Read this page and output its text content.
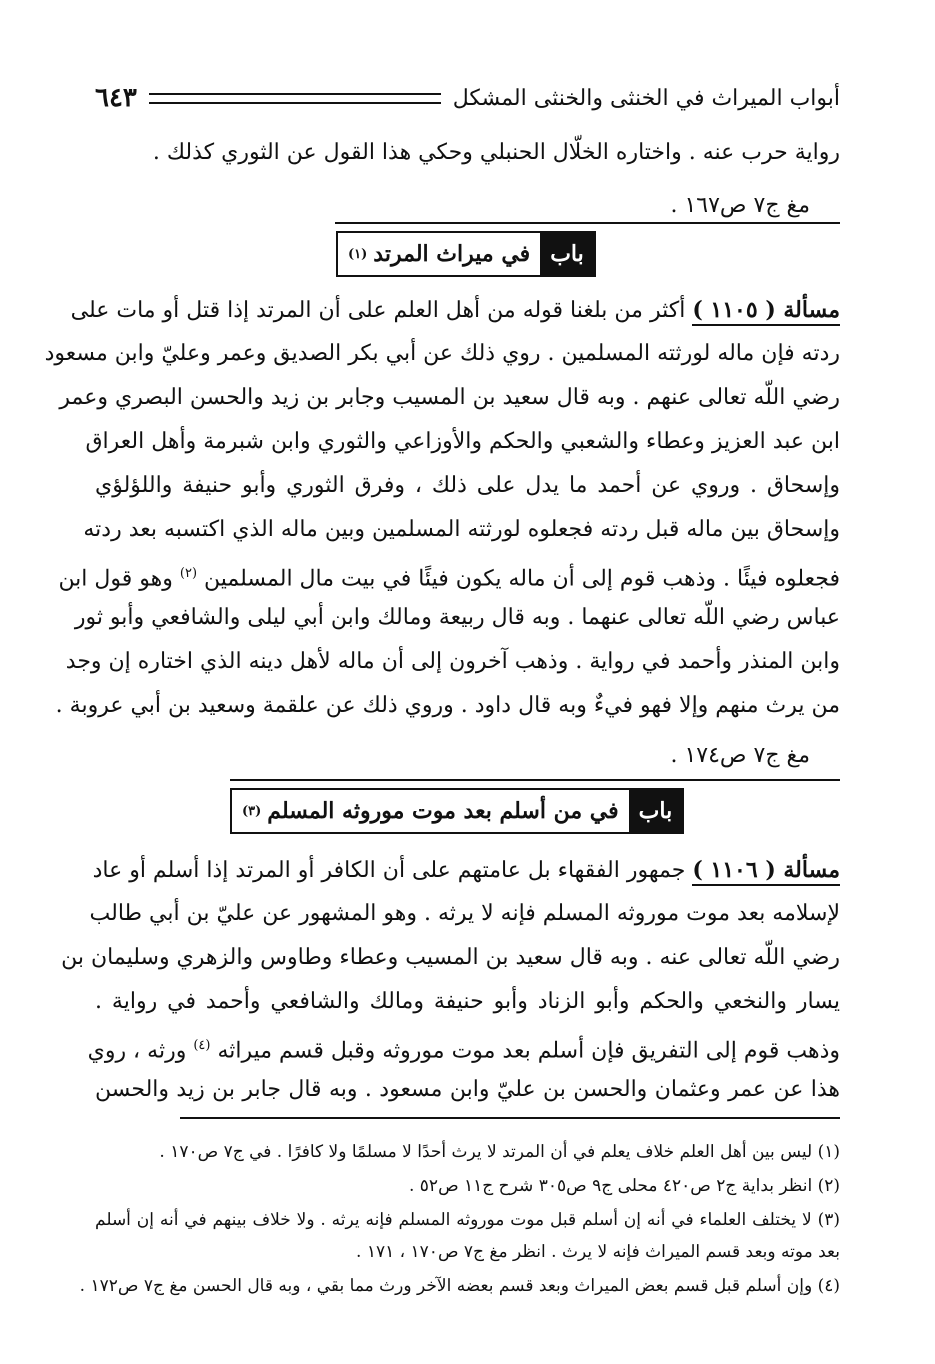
أبواب الميراث في الخنثى والخنثى المشكل
٦٤٣
رواية حرب عنه . واختاره الخلّال الحنبلي وحكي هذا القول عن الثوري كذلك .
مغ ج٧ ص١٦٧ .
باب
في ميراث المرتد
(١)
مسألة ( ١١٠٥ ) أكثر من بلغنا قوله من أهل العلم على أن المرتد إذا قتل أو مات على
ردته فإن ماله لورثته المسلمين . روي ذلك عن أبي بكر الصديق وعمر وعليّ وابن مسعود
رضي اللّه تعالى عنهم . وبه قال سعيد بن المسيب وجابر بن زيد والحسن البصري وعمر
ابن عبد العزيز وعطاء والشعبي والحكم والأوزاعي والثوري وابن شبرمة وأهل العراق
وإسحاق . وروي عن أحمد ما يدل على ذلك ، وفرق الثوري وأبو حنيفة واللؤلؤي
وإسحاق بين ماله قبل ردته فجعلوه لورثته المسلمين وبين ماله الذي اكتسبه بعد ردته
فجعلوه فيئًا . وذهب قوم إلى أن ماله يكون فيئًا في بيت مال المسلمين $^{(٢)}$ وهو قول ابن
عباس رضي اللّه تعالى عنهما . وبه قال ربيعة ومالك وابن أبي ليلى والشافعي وأبو ثور
وابن المنذر وأحمد في رواية . وذهب آخرون إلى أن ماله لأهل دينه الذي اختاره إن وجد
من يرث منهم وإلا فهو فيءٌ وبه قال داود . وروي ذلك عن علقمة وسعيد بن أبي عروبة .
مغ ج٧ ص١٧٤ .
باب
في من أسلم بعد موت موروثه المسلم
(٣)
مسألة ( ١١٠٦ ) جمهور الفقهاء بل عامتهم على أن الكافر أو المرتد إذا أسلم أو عاد
لإسلامه بعد موت موروثه المسلم فإنه لا يرثه . وهو المشهور عن عليّ بن أبي طالب
رضي اللّه تعالى عنه . وبه قال سعيد بن المسيب وعطاء وطاوس والزهري وسليمان بن
يسار والنخعي والحكم وأبو الزناد وأبو حنيفة ومالك والشافعي وأحمد في رواية .
وذهب قوم إلى التفريق فإن أسلم بعد موت موروثه وقبل قسم ميراثه $^{(٤)}$ ورثه ، روي
هذا عن عمر وعثمان والحسن بن عليّ وابن مسعود . وبه قال جابر بن زيد والحسن
(١) ليس بين أهل العلم خلاف يعلم في أن المرتد لا يرث أحدًا لا مسلمًا ولا كافرًا . في ج٧ ص١٧٠ .
(٢) انظر بداية ج٢ ص٤٢٠ محلى ج٩ ص٣٠٥ شرح ج١١ ص٥٢ .
(٣) لا يختلف العلماء في أنه إن أسلم قبل موت موروثه المسلم فإنه يرثه . ولا خلاف بينهم في أنه إن أسلم
بعد موته وبعد قسم الميراث فإنه لا يرث . انظر مغ ج٧ ص١٧٠ ، ١٧١ .
(٤) وإن أسلم قبل قسم بعض الميراث وبعد قسم بعضه الآخر ورث مما بقي ، وبه قال الحسن مغ ج٧ ص١٧٢ .
